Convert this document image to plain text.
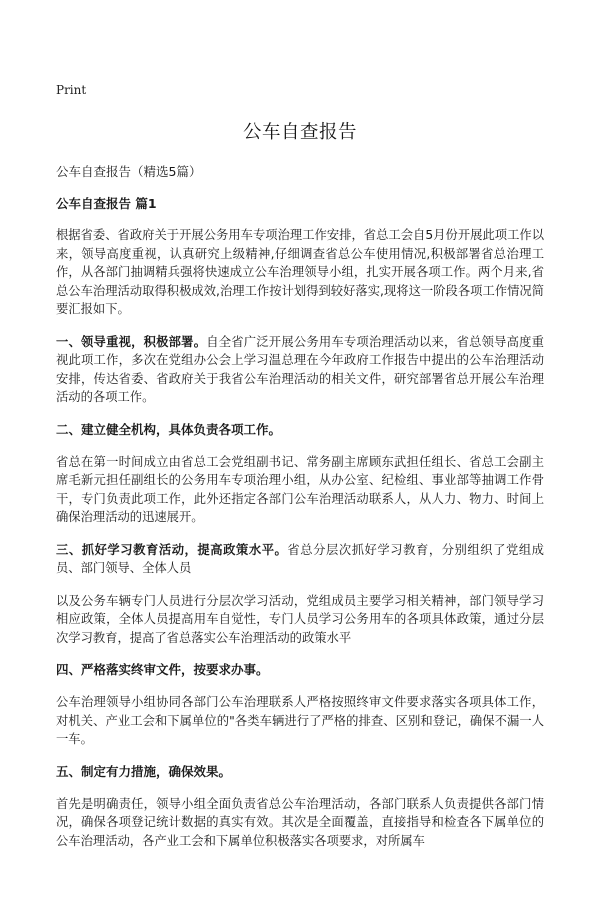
Print
公车自查报告
公车自查报告（精选5篇）
公车自查报告 篇1

根据省委、省政府关于开展公务用车专项治理工作安排，省总工会自5月份开展此项工作以来，领导高度重视，认真研究上级精神,仔细调查省总公车使用情况,积极部署省总治理工作，从各部门抽调精兵强将快速成立公车治理领导小组，扎实开展各项工作。两个月来,省总公车治理活动取得积极成效,治理工作按计划得到较好落实,现将这一阶段各项工作情况简要汇报如下。

一、领导重视，积极部署。自全省广泛开展公务用车专项治理活动以来，省总领导高度重视此项工作，多次在党组办公会上学习温总理在今年政府工作报告中提出的公车治理活动安排，传达省委、省政府关于我省公车治理活动的相关文件，研究部署省总开展公车治理活动的各项工作。

二、建立健全机构，具体负责各项工作。

省总在第一时间成立由省总工会党组副书记、常务副主席顾东武担任组长、省总工会副主席毛新元担任副组长的公务用车专项治理小组，从办公室、纪检组、事业部等抽调工作骨干，专门负责此项工作，此外还指定各部门公车治理活动联系人，从人力、物力、时间上确保治理活动的迅速展开。

三、抓好学习教育活动，提高政策水平。省总分层次抓好学习教育，分别组织了党组成员、部门领导、全体人员

以及公务车辆专门人员进行分层次学习活动，党组成员主要学习相关精神，部门领导学习相应政策，全体人员提高用车自觉性，专门人员学习公务用车的各项具体政策，通过分层次学习教育，提高了省总落实公车治理活动的政策水平

四、严格落实终审文件，按要求办事。

公车治理领导小组协同各部门公车治理联系人严格按照终审文件要求落实各项具体工作，对机关、产业工会和下属单位的"各类车辆进行了严格的排查、区别和登记，确保不漏一人一车。

五、制定有力措施，确保效果。

首先是明确责任，领导小组全面负责省总公车治理活动，各部门联系人负责提供各部门情况，确保各项登记统计数据的真实有效。其次是全面覆盖，直接指导和检查各下属单位的公车治理活动，各产业工会和下属单位积极落实各项要求，对所属车
